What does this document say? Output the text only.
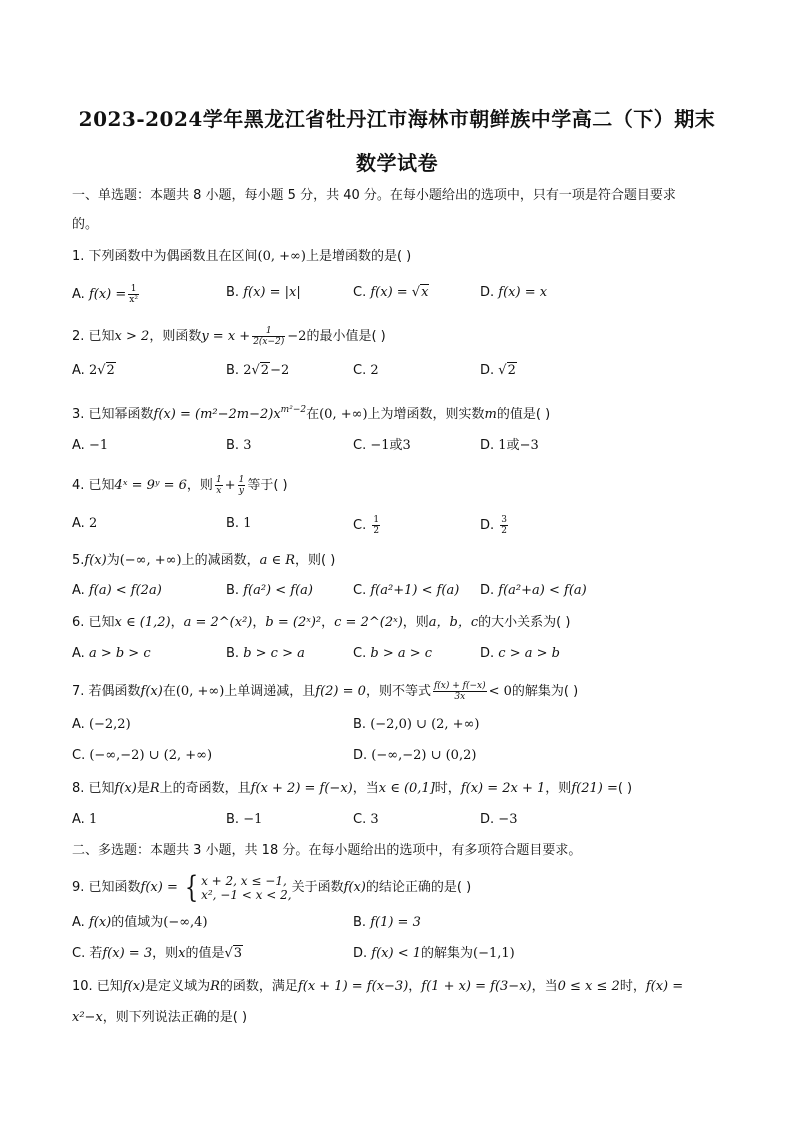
2023-2024学年黑龙江省牡丹江市海林市朝鲜族中学高二（下）期末
数学试卷
一、单选题：本题共 8 小题，每小题 5 分，共 40 分。在每小题给出的选项中，只有一项是符合题目要求
的。
1. 下列函数中为偶函数且在区间(0, +∞)上是增函数的是( )
A. $f(x) = \frac{1}{\text{x²}}$	B. f(x) = |x|	C. f(x) = √x	D. f(x) = x
2. 已知x > 2，则函数$y = x + \frac{1}{2(x-2)} -2$的最小值是( )
A. 2√2	B. 2√2−2	C. 2	D. √2
3. 已知幂函数$f(x) = (m^2-2m-2)x^{m^2-2}$在(0, +∞)上为增函数，则实数m的值是( )
A. −1	B. 3	C. −1或3	D. 1或−3
4. 已知4ˣ = 9ʸ = 6，则 $\frac{1}{x} + \frac{1}{y}$ 等于( )
A. 2	B. 1	C. $\frac{1}{2}$	D. $\frac{3}{2}$
5.f(x)为(−∞, +∞)上的减函数，a ∈ R，则( )
A. f(a) < f(2a)	B. f(a²) < f(a)	C. f(a²+1) < f(a) D. f(a²+a) < f(a)
6. 已知x ∈ (1,2)，a = 2^(x²)，b = (2ˣ)²，c = 2^(2ˣ)，则a，b，c的大小关系为( )
A. a > b > c	B. b > c > a	C. b > a > c	D. c > a > b
7. 若偶函数f(x)在(0, +∞)上单调递减，且f(2) = 0，则不等式 $\frac{f(x) + f(-x)}{3x} < 0$的解集为( )
A. (−2,2)	B. (−2,0) ∪ (2, +∞)
C. (−∞,−2) ∪ (2, +∞)	D. (−∞,−2) ∪ (0,2)
8. 已知f(x)是R上的奇函数，且f(x + 2) = f(−x)，当x ∈ (0,1]时，f(x) = 2x + 1，则f(21) =( )
A. 1	B. −1	C. 3	D. −3
二、多选题：本题共 3 小题，共 18 分。在每小题给出的选项中，有多项符合题目要求。
9. 已知函数f(x) = { x + 2, x ≤ −1,
x², −1 < x < 2, 关于函数f(x)的结论正确的是( )
A. f(x)的值域为(−∞,4)	B. f(1) = 3
C. 若f(x) = 3，则x的值是√3	D. f(x) < 1的解集为(−1,1)
10. 已知f(x)是定义域为R的函数，满足f(x + 1) = f(x−3)，f(1 + x) = f(3−x)，当0 ≤ x ≤ 2时，f(x) =
x²−x，则下列说法正确的是( )
